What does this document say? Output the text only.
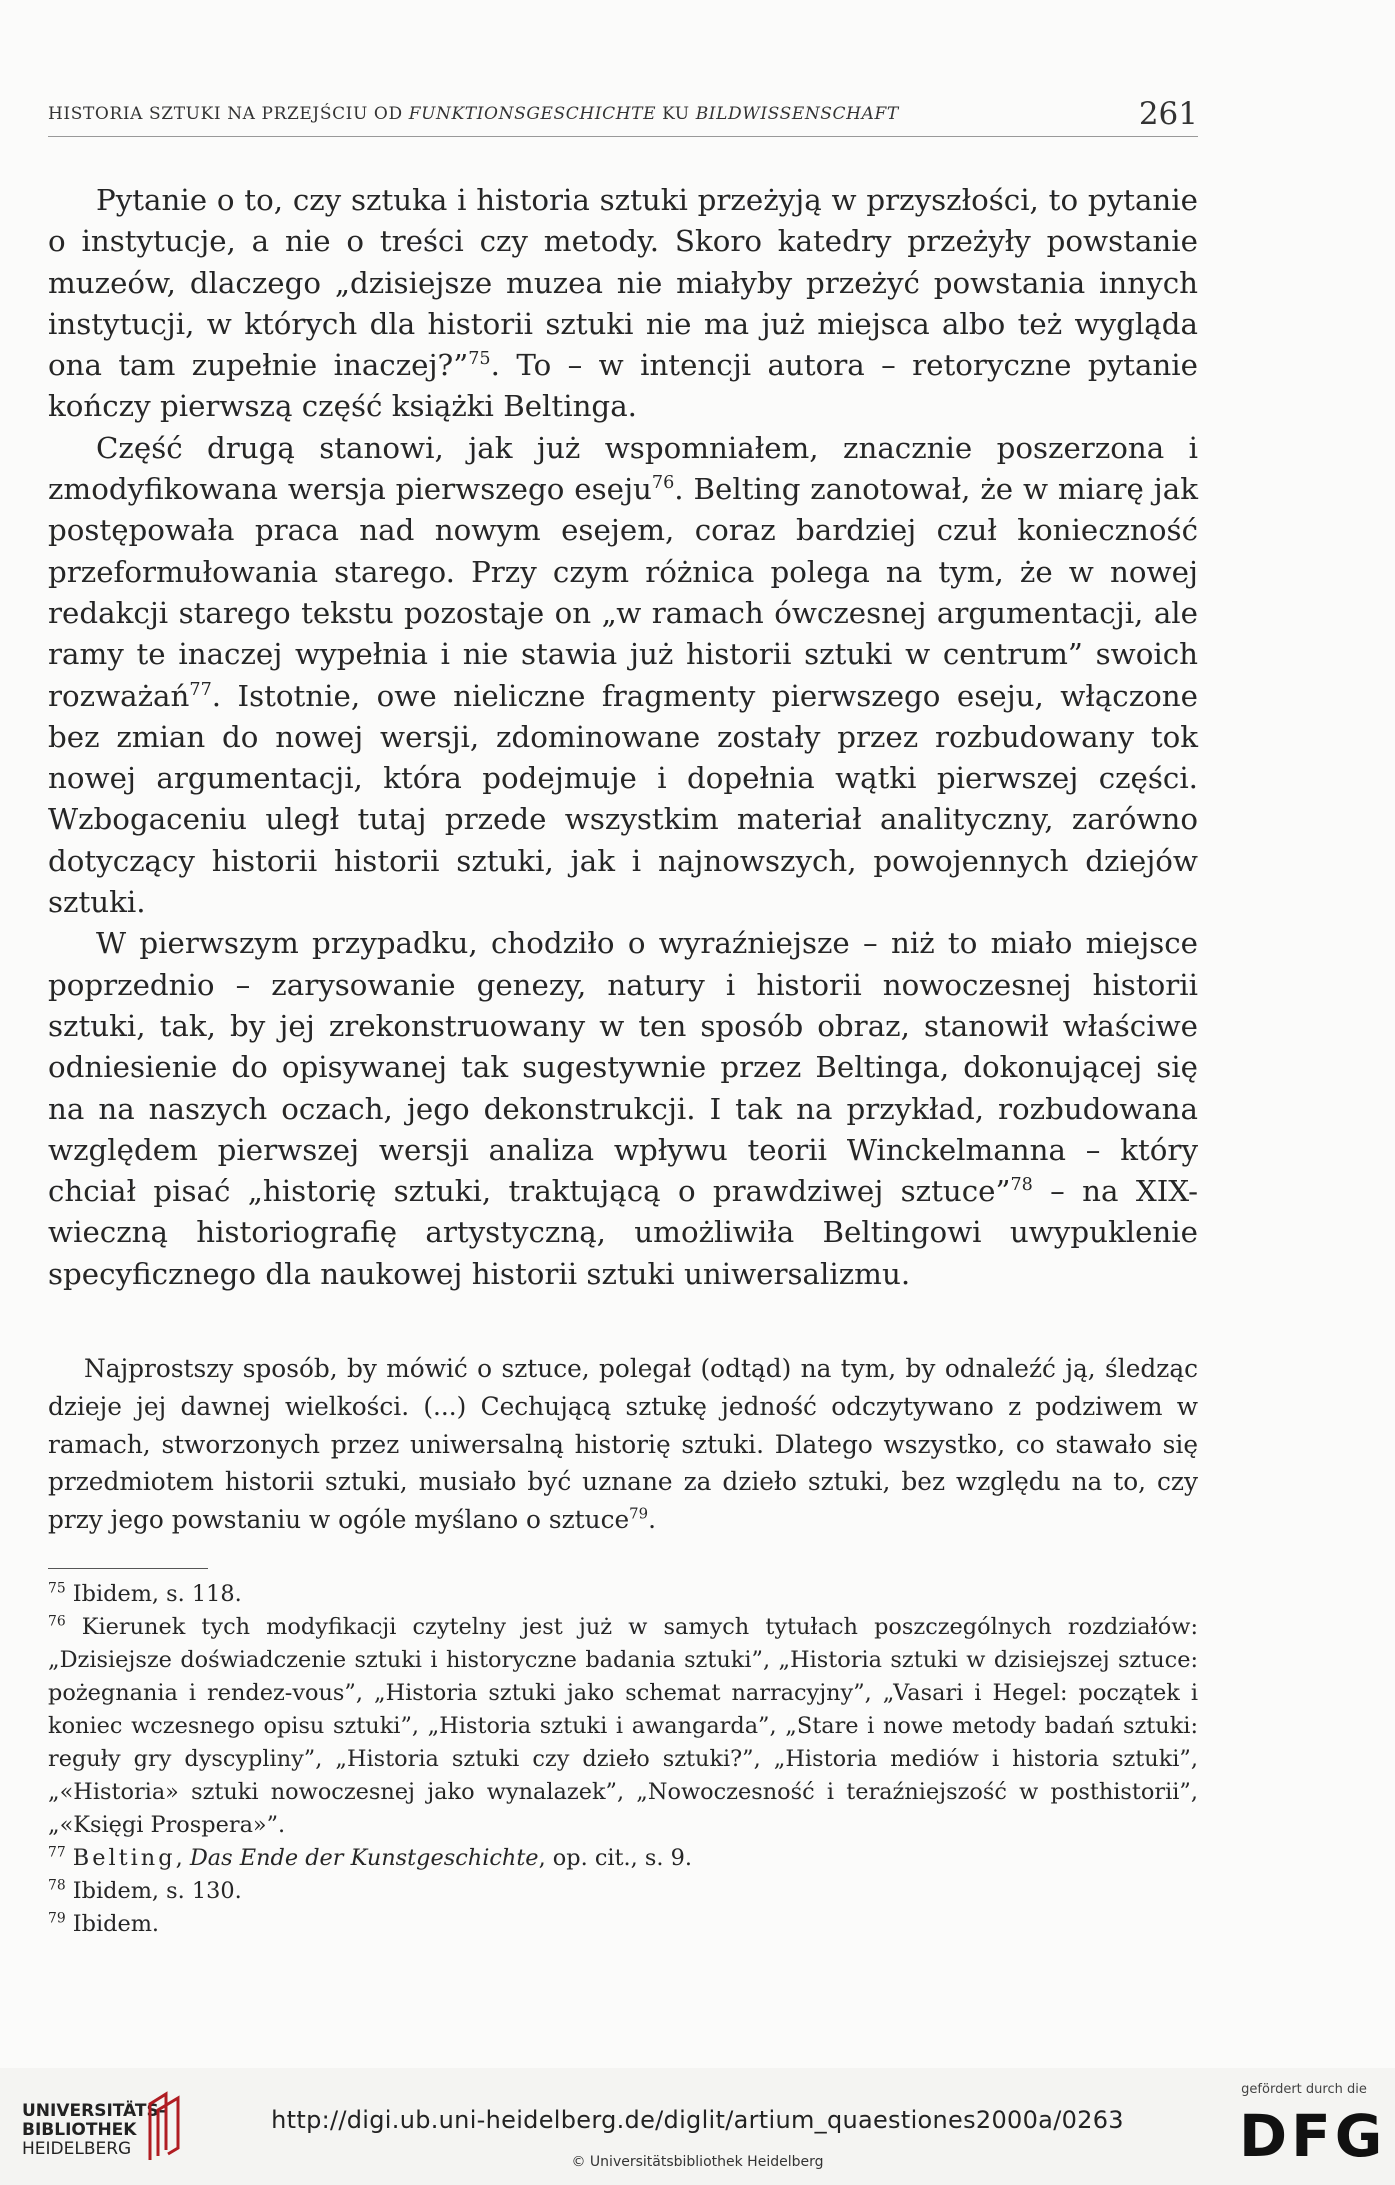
HISTORIA SZTUKI NA PRZEJŚCIU OD FUNKTIONSGESCHICHTE KU BILDWISSENSCHAFT	261

Pytanie o to, czy sztuka i historia sztuki przeżyją w przyszłości, to pytanie o instytucje, a nie o treści czy metody. Skoro katedry przeżyły powstanie muzeów, dlaczego „dzisiejsze muzea nie miałyby przeżyć powstania innych instytucji, w których dla historii sztuki nie ma już miejsca albo też wygląda ona tam zupełnie inaczej?”$^{75}$. To – w intencji autora – retoryczne pytanie kończy pierwszą część książki Beltinga.

Część drugą stanowi, jak już wspomniałem, znacznie poszerzona i zmodyfikowana wersja pierwszego eseju$^{76}$. Belting zanotował, że w miarę jak postępowała praca nad nowym esejem, coraz bardziej czuł konieczność przeformułowania starego. Przy czym różnica polega na tym, że w nowej redakcji starego tekstu pozostaje on „w ramach ówczesnej argumentacji, ale ramy te inaczej wypełnia i nie stawia już historii sztuki w centrum” swoich rozważań$^{77}$. Istotnie, owe nieliczne fragmenty pierwszego eseju, włączone bez zmian do nowej wersji, zdominowane zostały przez rozbudowany tok nowej argumentacji, która podejmuje i dopełnia wątki pierwszej części. Wzbogaceniu uległ tutaj przede wszystkim materiał analityczny, zarówno dotyczący historii historii sztuki, jak i najnowszych, powojennych dziejów sztuki.

W pierwszym przypadku, chodziło o wyraźniejsze – niż to miało miejsce poprzednio – zarysowanie genezy, natury i historii nowoczesnej historii sztuki, tak, by jej zrekonstruowany w ten sposób obraz, stanowił właściwe odniesienie do opisywanej tak sugestywnie przez Beltinga, dokonującej się na na naszych oczach, jego dekonstrukcji. I tak na przykład, rozbudowana względem pierwszej wersji analiza wpływu teorii Winckelmanna – który chciał pisać „historię sztuki, traktującą o prawdziwej sztuce”$^{78}$ – na XIX-wieczną historiografię artystyczną, umożliwiła Beltingowi uwypuklenie specyficznego dla naukowej historii sztuki uniwersalizmu.

Najprostszy sposób, by mówić o sztuce, polegał (odtąd) na tym, by odnaleźć ją, śledząc dzieje jej dawnej wielkości. (...) Cechującą sztukę jedność odczytywano z podziwem w ramach, stworzonych przez uniwersalną historię sztuki. Dlatego wszystko, co stawało się przedmiotem historii sztuki, musiało być uznane za dzieło sztuki, bez względu na to, czy przy jego powstaniu w ogóle myślano o sztuce$^{79}$.

$^{75}$ Ibidem, s. 118.

$^{76}$ Kierunek tych modyfikacji czytelny jest już w samych tytułach poszczególnych rozdziałów: „Dzisiejsze doświadczenie sztuki i historyczne badania sztuki”, „Historia sztuki w dzisiejszej sztuce: pożegnania i rendez-vous”, „Historia sztuki jako schemat narracyjny”, „Vasari i Hegel: początek i koniec wczesnego opisu sztuki”, „Historia sztuki i awangarda”, „Stare i nowe metody badań sztuki: reguły gry dyscypliny”, „Historia sztuki czy dzieło sztuki?”, „Historia mediów i historia sztuki”, „«Historia» sztuki nowoczesnej jako wynalazek”, „Nowoczesność i teraźniejszość w posthistorii”, „«Księgi Prospera»”.

$^{77}$ Belting, Das Ende der Kunstgeschichte, op. cit., s. 9.

$^{78}$ Ibidem, s. 130.

$^{79}$ Ibidem.

UNIVERSITÄTS-
BIBLIOTHEK
HEIDELBERG
http://digi.ub.uni-heidelberg.de/diglit/artium_quaestiones2000a/0263
© Universitätsbibliothek Heidelberg
gefördert durch die
DFG
